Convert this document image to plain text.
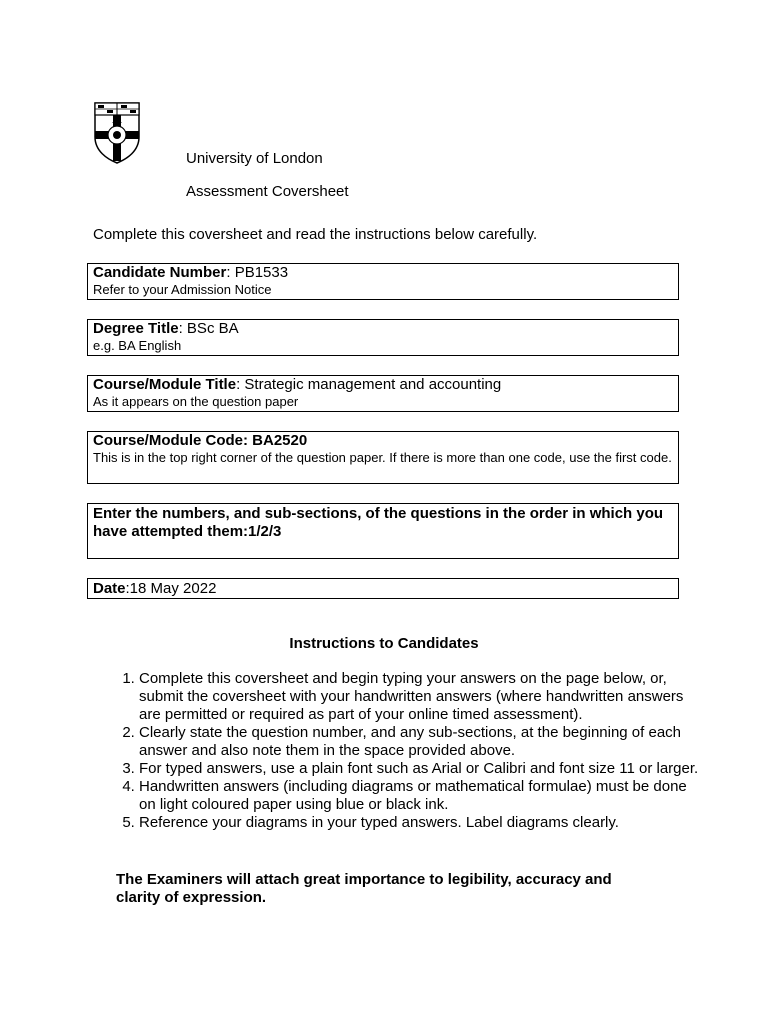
University of London
Assessment Coversheet
Complete this coversheet and read the instructions below carefully.
Candidate Number: PB1533
Refer to your Admission Notice
Degree Title: BSc BA
e.g. BA English
Course/Module Title: Strategic management and accounting
As it appears on the question paper
Course/Module Code: BA2520
This is in the top right corner of the question paper. If there is more than one code, use the first code.
Enter the numbers, and sub-sections, of the questions in the order in which you have attempted them:1/2/3
Date:18 May 2022
Instructions to Candidates
1. Complete this coversheet and begin typing your answers on the page below, or, submit the coversheet with your handwritten answers (where handwritten answers are permitted or required as part of your online timed assessment).
2. Clearly state the question number, and any sub-sections, at the beginning of each answer and also note them in the space provided above.
3. For typed answers, use a plain font such as Arial or Calibri and font size 11 or larger.
4. Handwritten answers (including diagrams or mathematical formulae) must be done on light coloured paper using blue or black ink.
5. Reference your diagrams in your typed answers. Label diagrams clearly.
The Examiners will attach great importance to legibility, accuracy and clarity of expression.
